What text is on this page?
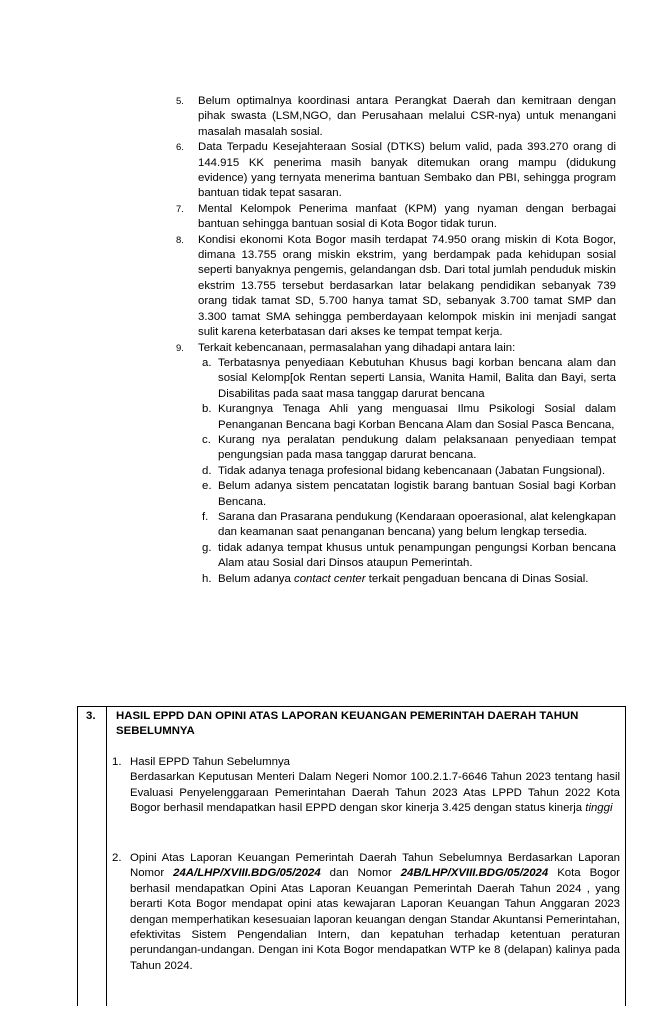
5.	Belum optimalnya koordinasi antara Perangkat Daerah dan kemitraan dengan pihak swasta (LSM,NGO, dan Perusahaan melalui CSR-nya) untuk menangani masalah masalah sosial.
6.	Data Terpadu Kesejahteraan Sosial (DTKS) belum valid, pada 393.270 orang di 144.915 KK penerima masih banyak ditemukan orang mampu (didukung evidence) yang ternyata menerima bantuan Sembako dan PBI, sehingga program bantuan tidak tepat sasaran.
7.	Mental Kelompok Penerima manfaat (KPM) yang nyaman dengan berbagai bantuan sehingga bantuan sosial di Kota Bogor tidak turun.
8.	Kondisi ekonomi Kota Bogor masih terdapat 74.950 orang miskin di Kota Bogor, dimana 13.755 orang miskin ekstrim, yang berdampak pada kehidupan sosial seperti banyaknya pengemis, gelandangan dsb. Dari total jumlah penduduk miskin ekstrim 13.755 tersebut berdasarkan latar belakang pendidikan sebanyak 739 orang tidak tamat SD, 5.700 hanya tamat SD, sebanyak 3.700 tamat SMP dan 3.300 tamat SMA sehingga pemberdayaan kelompok miskin ini menjadi sangat sulit karena keterbatasan dari akses ke tempat tempat kerja.
9.	Terkait kebencanaan, permasalahan yang dihadapi antara lain:
a. Terbatasnya penyediaan Kebutuhan Khusus bagi korban bencana alam dan sosial Kelomp[ok Rentan seperti Lansia, Wanita Hamil, Balita dan Bayi, serta Disabilitas pada saat masa tanggap darurat bencana
b. Kurangnya Tenaga Ahli yang menguasai Ilmu Psikologi Sosial dalam Penanganan Bencana bagi Korban Bencana Alam dan Sosial Pasca Bencana,
c. Kurang nya peralatan pendukung dalam pelaksanaan penyediaan tempat pengungsian pada masa tanggap darurat bencana.
d. Tidak adanya tenaga profesional bidang kebencanaan (Jabatan Fungsional).
e. Belum adanya sistem pencatatan logistik barang bantuan Sosial bagi Korban Bencana.
f. Sarana dan Prasarana pendukung (Kendaraan opoerasional, alat kelengkapan dan keamanan saat penanganan bencana) yang belum lengkap tersedia.
g. tidak adanya tempat khusus untuk penampungan pengungsi Korban bencana Alam atau Sosial dari Dinsos ataupun Pemerintah.
h. Belum adanya contact center terkait pengaduan bencana di Dinas Sosial.
3. HASIL EPPD DAN OPINI ATAS LAPORAN KEUANGAN PEMERINTAH DAERAH TAHUN SEBELUMNYA
1. Hasil EPPD Tahun Sebelumnya
Berdasarkan Keputusan Menteri Dalam Negeri Nomor 100.2.1.7-6646 Tahun 2023 tentang hasil Evaluasi Penyelenggaraan Pemerintahan Daerah Tahun 2023 Atas LPPD Tahun 2022 Kota Bogor berhasil mendapatkan hasil EPPD dengan skor kinerja 3.425 dengan status kinerja tinggi
2. Opini Atas Laporan Keuangan Pemerintah Daerah Tahun Sebelumnya Berdasarkan Laporan Nomor 24A/LHP/XVIII.BDG/05/2024 dan Nomor 24B/LHP/XVIII.BDG/05/2024 Kota Bogor berhasil mendapatkan Opini Atas Laporan Keuangan Pemerintah Daerah Tahun 2024 , yang berarti Kota Bogor mendapat opini atas kewajaran Laporan Keuangan Tahun Anggaran 2023 dengan memperhatikan kesesuaian laporan keuangan dengan Standar Akuntansi Pemerintahan, efektivitas Sistem Pengendalian Intern, dan kepatuhan terhadap ketentuan peraturan perundangan-undangan. Dengan ini Kota Bogor mendapatkan WTP ke 8 (delapan) kalinya pada Tahun 2024.
